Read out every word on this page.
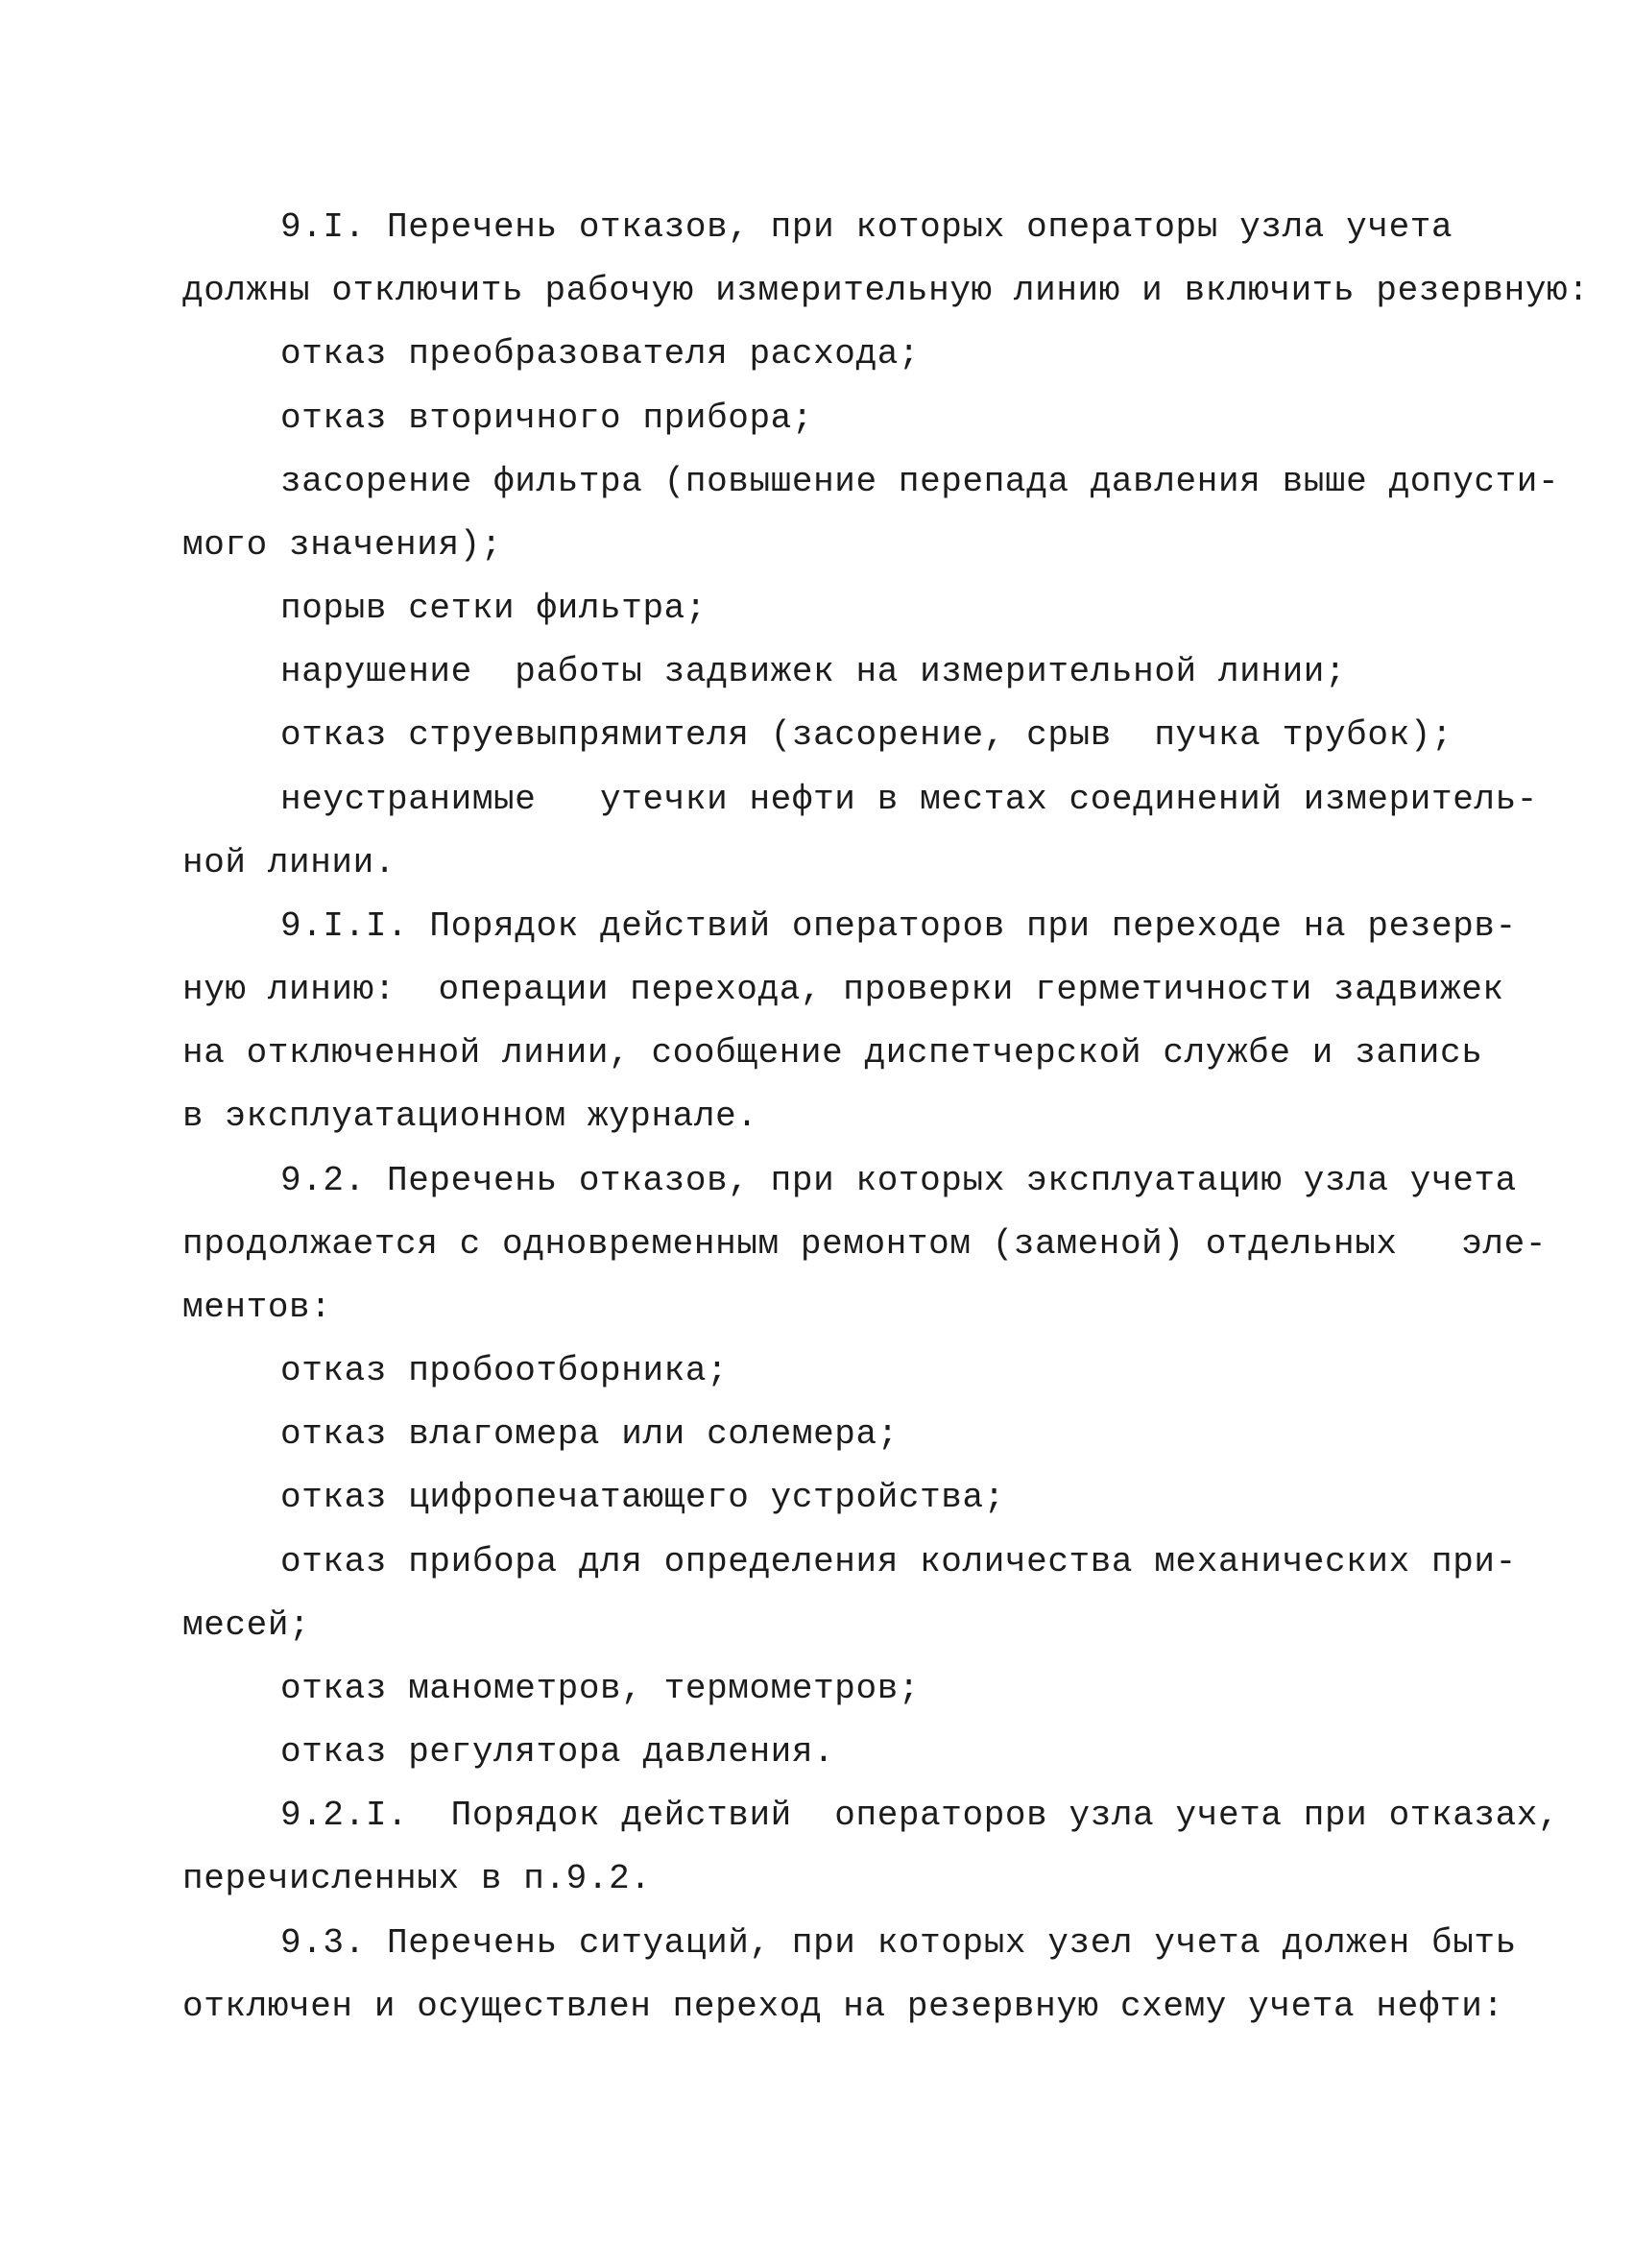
9.I. Перечень отказов, при которых операторы узла учета
должны отключить рабочую измерительную линию и включить резервную:
отказ преобразователя расхода;
отказ вторичного прибора;
засорение фильтра (повышение перепада давления выше допусти-
мого значения);
порыв сетки фильтра;
нарушение  работы задвижек на измерительной линии;
отказ струевыпрямителя (засорение, срыв  пучка трубок);
неустранимые   утечки нефти в местах соединений измеритель-
ной линии.
9.I.I. Порядок действий операторов при переходе на резерв-
ную линию:  операции перехода, проверки герметичности задвижек
на отключенной линии, сообщение диспетчерской службе и запись
в эксплуатационном журнале.
9.2. Перечень отказов, при которых эксплуатацию узла учета
продолжается с одновременным ремонтом (заменой) отдельных   эле-
ментов:
отказ пробоотборника;
отказ влагомера или солемера;
отказ цифропечатающего устройства;
отказ прибора для определения количества механических при-
месей;
отказ манометров, термометров;
отказ регулятора давления.
9.2.I.  Порядок действий  операторов узла учета при отказах,
перечисленных в п.9.2.
9.3. Перечень ситуаций, при которых узел учета должен быть
отключен и осуществлен переход на резервную схему учета нефти:
